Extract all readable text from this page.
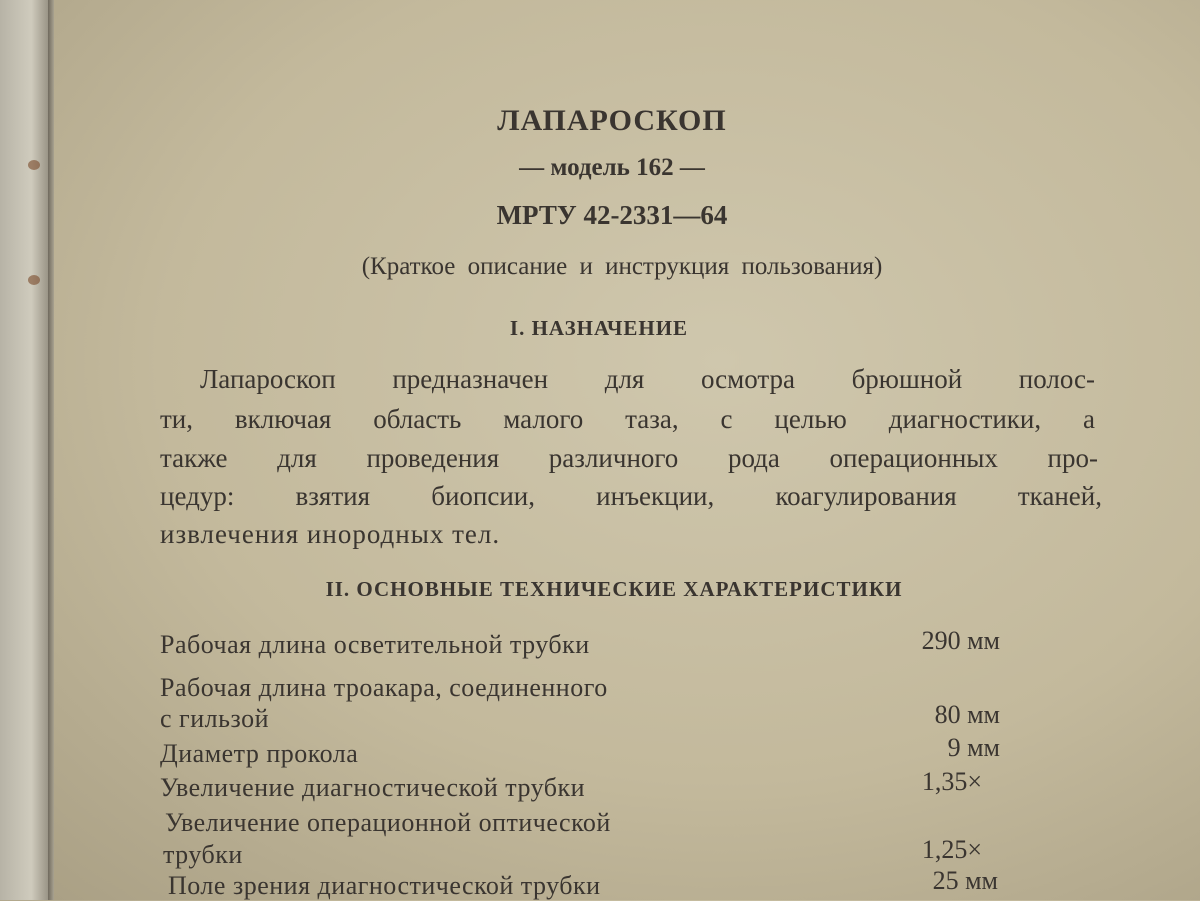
ЛАПАРОСКОП
— модель 162 —
МРТУ 42-2331—64
(Краткое описание и инструкция пользования)
I. НАЗНАЧЕНИЕ
Лапароскоп предназначен для осмотра брюшной полос-
ти, включая область малого таза, с целью диагностики, а
также для проведения различного рода операционных про-
цедур: взятия биопсии, инъекции, коагулирования тканей,
извлечения инородных тел.
II. ОСНОВНЫЕ ТЕХНИЧЕСКИЕ ХАРАКТЕРИСТИКИ
Рабочая длина осветительной трубки	290 мм
Рабочая длина троакара, соединенного
с гильзой	80 мм
Диаметр прокола	9 мм
Увеличение диагностической трубки	1,35×
Увеличение операционной оптической
трубки	1,25×
Поле зрения диагностической трубки	25 мм
